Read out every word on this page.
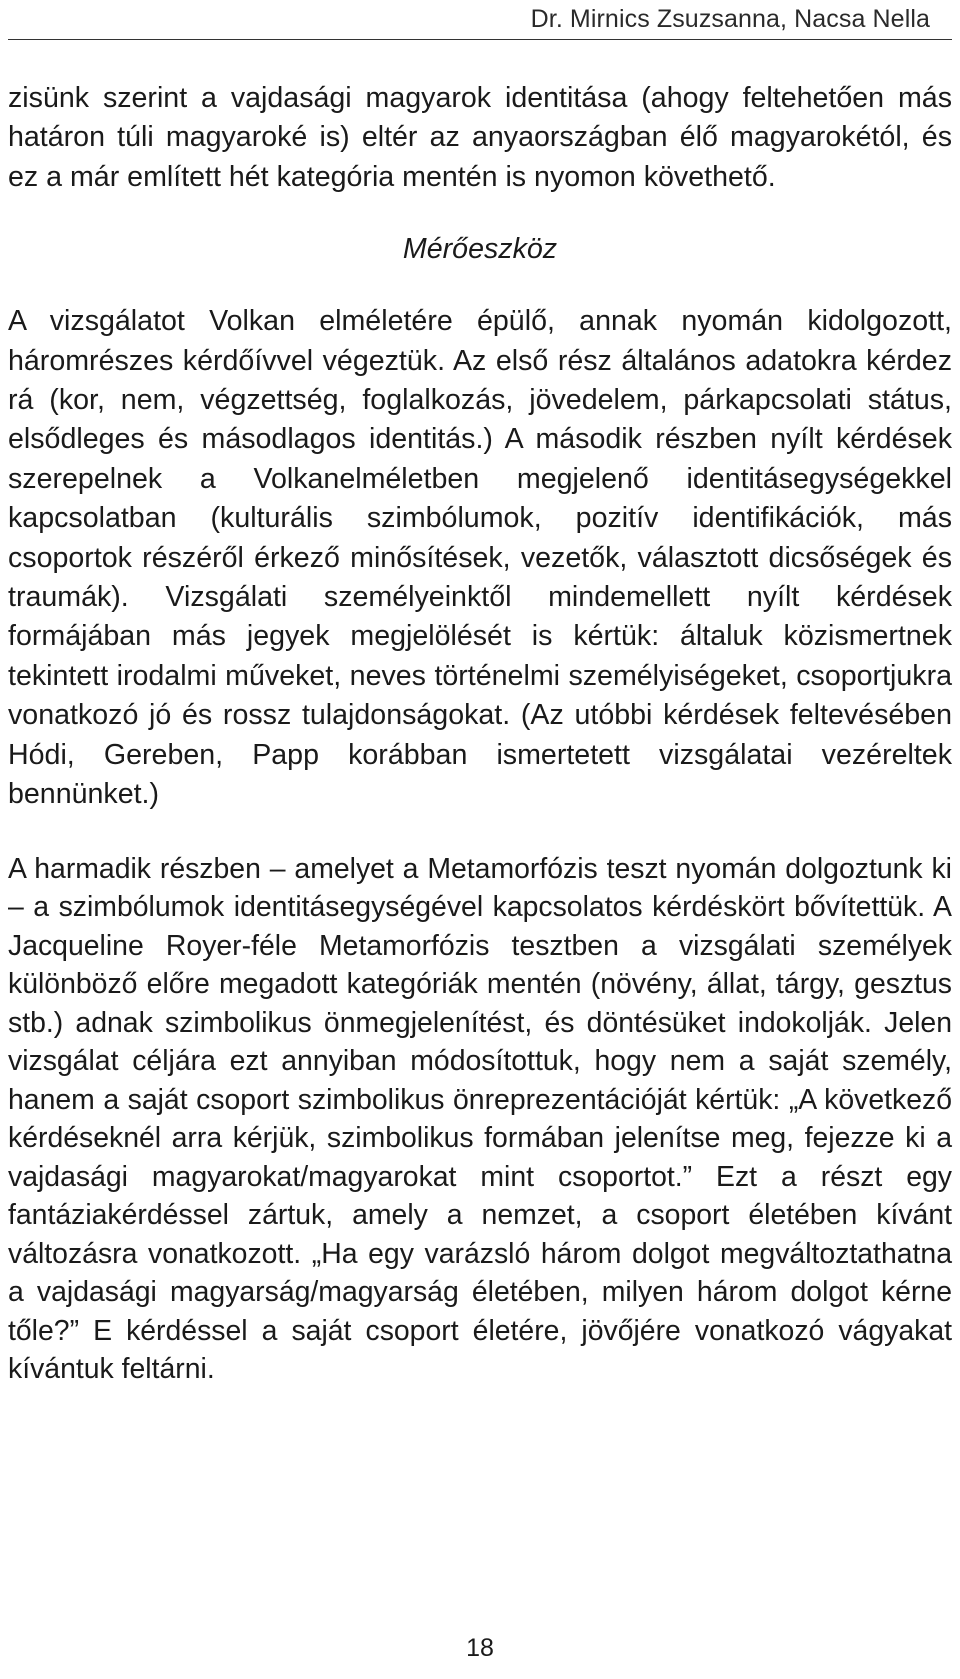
Dr. Mirnics Zsuzsanna, Nacsa Nella

zisünk szerint a vajdasági magyarok identitása (ahogy feltehetően más határon túli magyaroké is) eltér az anyaországban élő magyarokétól, és ez a már említett hét kategória mentén is nyomon követhető.

Mérőeszköz

A vizsgálatot Volkan elméletére épülő, annak nyomán kidolgozott, háromrészes kérdőívvel végeztük. Az első rész általános adatokra kérdez rá (kor, nem, végzettség, foglalkozás, jövedelem, párkapcsolati státus, elsődleges és másodlagos identitás.) A második részben nyílt kérdések szerepelnek a Volkanelméletben megjelenő identitásegységekkel kapcsolatban (kulturális szimbólumok, pozitív identifikációk, más csoportok részéről érkező minősítések, vezetők, választott dicsőségek és traumák). Vizsgálati személyeinktől mindemellett nyílt kérdések formájában más jegyek megjelölését is kértük: általuk közismertnek tekintett irodalmi műveket, neves történelmi személyiségeket, csoportjukra vonatkozó jó és rossz tulajdonságokat. (Az utóbbi kérdések feltevésében Hódi, Gereben, Papp korábban ismertetett vizsgálatai vezéreltek bennünket.)

A harmadik részben – amelyet a Metamorfózis teszt nyomán dolgoztunk ki – a szimbólumok identitásegységével kapcsolatos kérdéskört bővítettük. A Jacqueline Royer-féle Metamorfózis tesztben a vizsgálati személyek különböző előre megadott kategóriák mentén (növény, állat, tárgy, gesztus stb.) adnak szimbolikus önmegjelenítést, és döntésüket indokolják. Jelen vizsgálat céljára ezt annyiban módosítottuk, hogy nem a saját személy, hanem a saját csoport szimbolikus önreprezentációját kértük: „A következő kérdéseknél arra kérjük, szimbolikus formában jelenítse meg, fejezze ki a vajdasági magyarokat/magyarokat mint csoportot.” Ezt a részt egy fantáziakérdéssel zártuk, amely a nemzet, a csoport életében kívánt változásra vonatkozott. „Ha egy varázsló három dolgot megváltoztathatna a vajdasági magyarság/magyarság életében, milyen három dolgot kérne tőle?” E kérdéssel a saját csoport életére, jövőjére vonatkozó vágyakat kívántuk feltárni.

18
